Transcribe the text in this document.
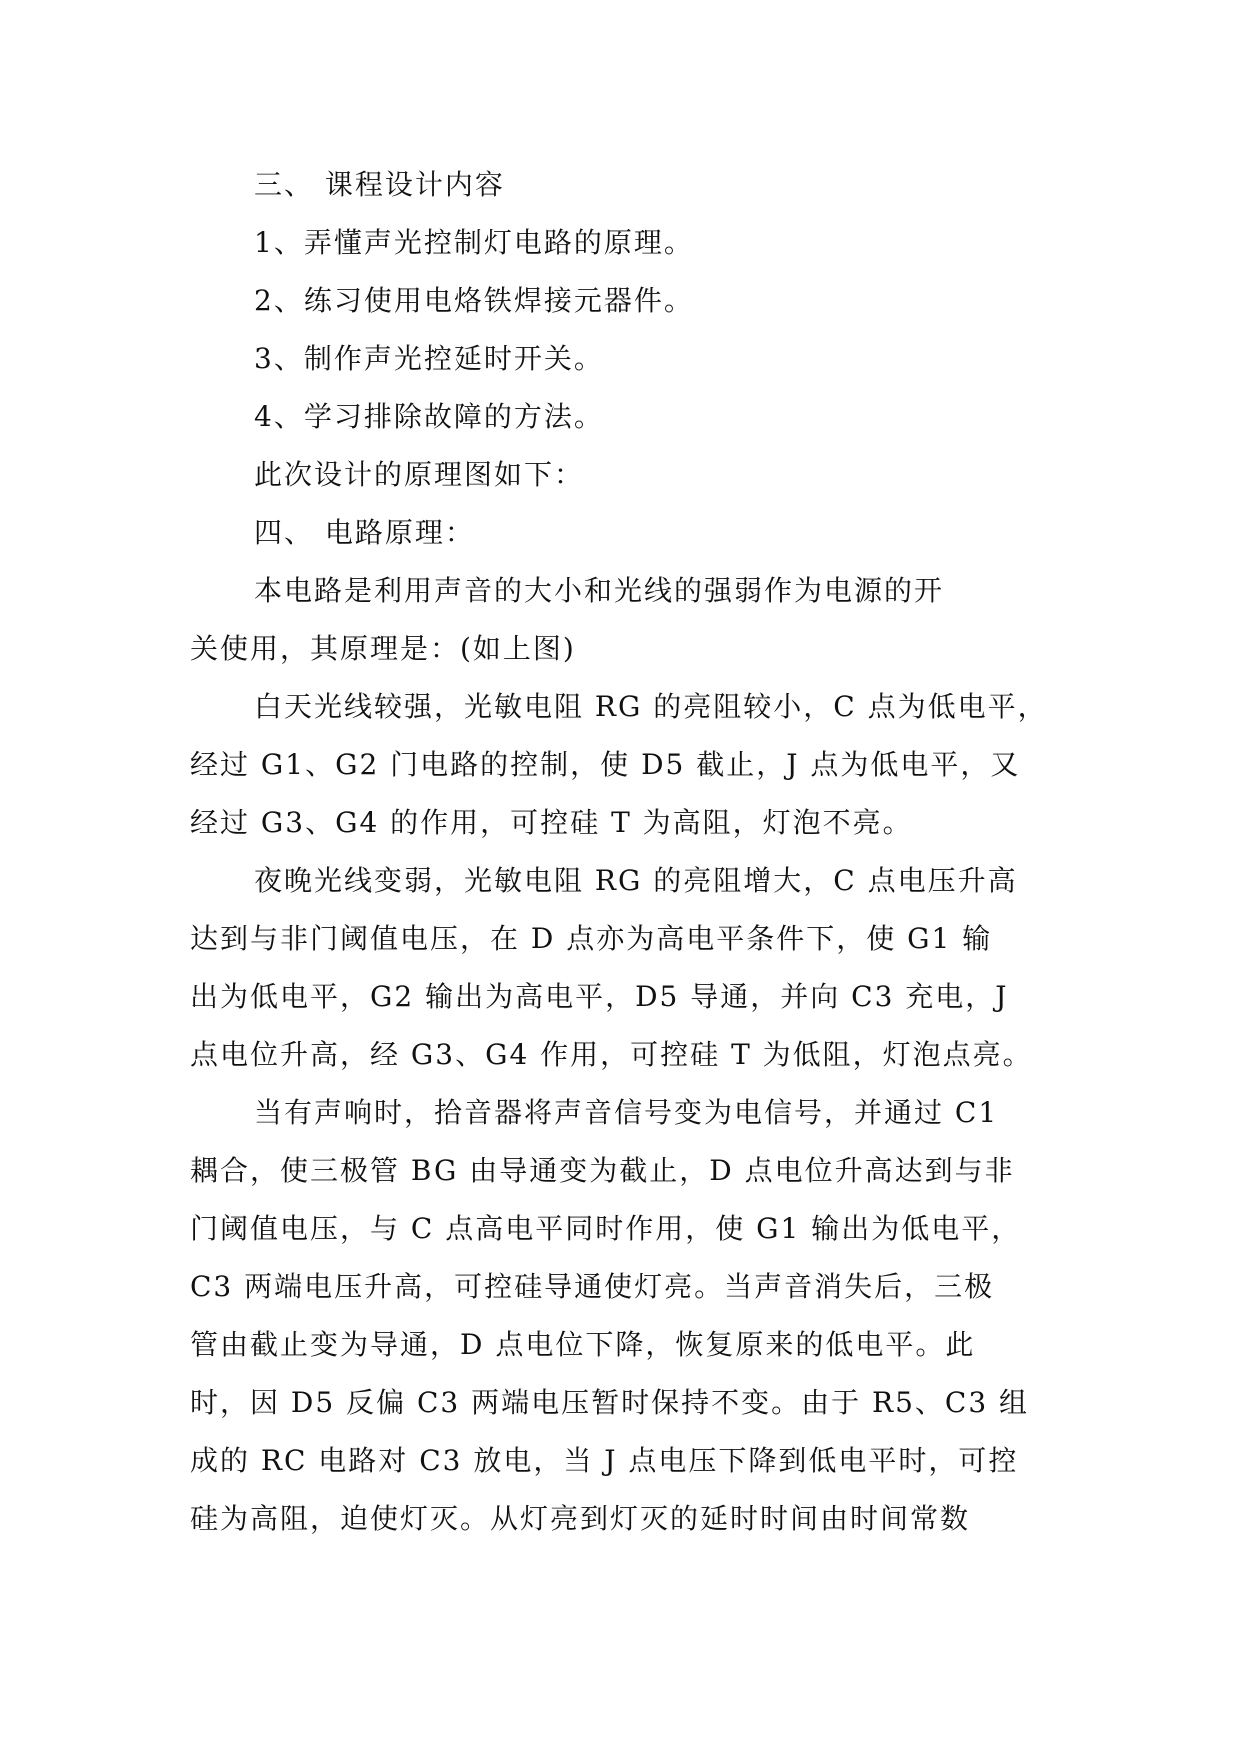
三、 课程设计内容
1、弄懂声光控制灯电路的原理。
2、练习使用电烙铁焊接元器件。
3、制作声光控延时开关。
4、学习排除故障的方法。
此次设计的原理图如下：
四、 电路原理：
本电路是利用声音的大小和光线的强弱作为电源的开
关使用，其原理是：(如上图)
白天光线较强，光敏电阻 RG 的亮阻较小，C 点为低电平，
经过 G1、G2 门电路的控制，使 D5 截止，J 点为低电平，又
经过 G3、G4 的作用，可控硅 T 为高阻，灯泡不亮。
夜晚光线变弱，光敏电阻 RG 的亮阻增大，C 点电压升高
达到与非门阈值电压，在 D 点亦为高电平条件下，使 G1 输
出为低电平，G2 输出为高电平，D5 导通，并向 C3 充电，J
点电位升高，经 G3、G4 作用，可控硅 T 为低阻，灯泡点亮。
当有声响时，拾音器将声音信号变为电信号，并通过 C1
耦合，使三极管 BG 由导通变为截止，D 点电位升高达到与非
门阈值电压，与 C 点高电平同时作用，使 G1 输出为低电平，
C3 两端电压升高，可控硅导通使灯亮。当声音消失后，三极
管由截止变为导通，D 点电位下降，恢复原来的低电平。此
时，因 D5 反偏 C3 两端电压暂时保持不变。由于 R5、C3 组
成的 RC 电路对 C3 放电，当 J 点电压下降到低电平时，可控
硅为高阻，迫使灯灭。从灯亮到灯灭的延时时间由时间常数
